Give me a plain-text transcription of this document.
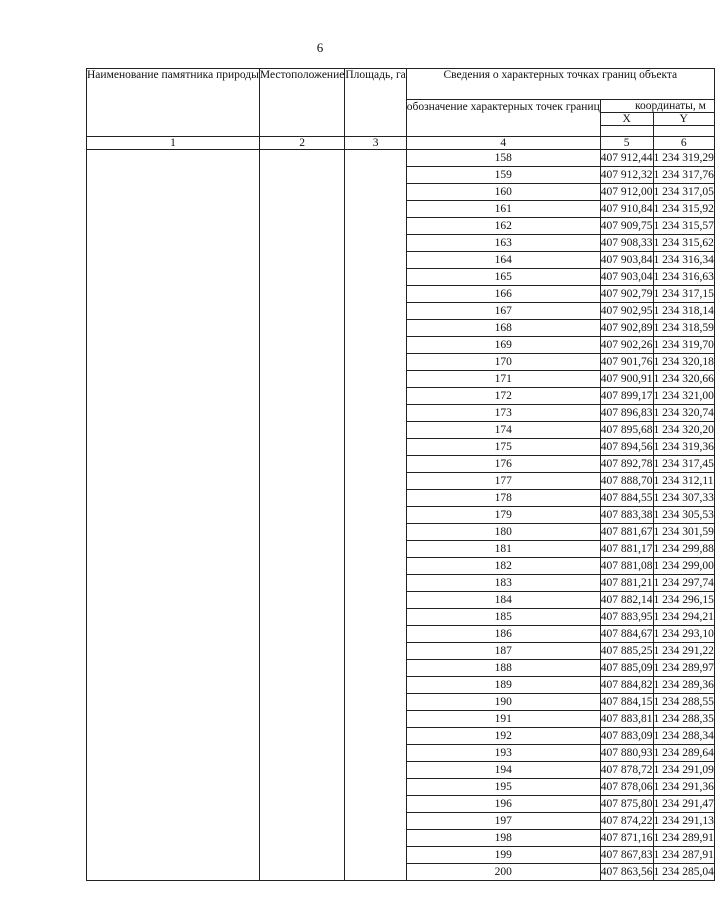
6
Наименование памятника природы	Местоположение	Площадь, га	Сведения о характерных точках границ объекта			
			обозначение характерных точек границ	координаты, м		
				X	Y	

1	2	3	4	5	6	
			158	407 912,44	1 234 319,29	
			159	407 912,32	1 234 317,76	
			160	407 912,00	1 234 317,05	
			161	407 910,84	1 234 315,92	
			162	407 909,75	1 234 315,57	
			163	407 908,33	1 234 315,62	
			164	407 903,84	1 234 316,34	
			165	407 903,04	1 234 316,63	
			166	407 902,79	1 234 317,15	
			167	407 902,95	1 234 318,14	
			168	407 902,89	1 234 318,59	
			169	407 902,26	1 234 319,70	
			170	407 901,76	1 234 320,18	
			171	407 900,91	1 234 320,66	
			172	407 899,17	1 234 321,00	
			173	407 896,83	1 234 320,74	
			174	407 895,68	1 234 320,20	
			175	407 894,56	1 234 319,36	
			176	407 892,78	1 234 317,45	
			177	407 888,70	1 234 312,11	
			178	407 884,55	1 234 307,33	
			179	407 883,38	1 234 305,53	
			180	407 881,67	1 234 301,59	
			181	407 881,17	1 234 299,88	
			182	407 881,08	1 234 299,00	
			183	407 881,21	1 234 297,74	
			184	407 882,14	1 234 296,15	
			185	407 883,95	1 234 294,21	
			186	407 884,67	1 234 293,10	
			187	407 885,25	1 234 291,22	
			188	407 885,09	1 234 289,97	
			189	407 884,82	1 234 289,36	
			190	407 884,15	1 234 288,55	
			191	407 883,81	1 234 288,35	
			192	407 883,09	1 234 288,34	
			193	407 880,93	1 234 289,64	
			194	407 878,72	1 234 291,09	
			195	407 878,06	1 234 291,36	
			196	407 875,80	1 234 291,47	
			197	407 874,22	1 234 291,13	
			198	407 871,16	1 234 289,91	
			199	407 867,83	1 234 287,91	
			200	407 863,56	1 234 285,04	
